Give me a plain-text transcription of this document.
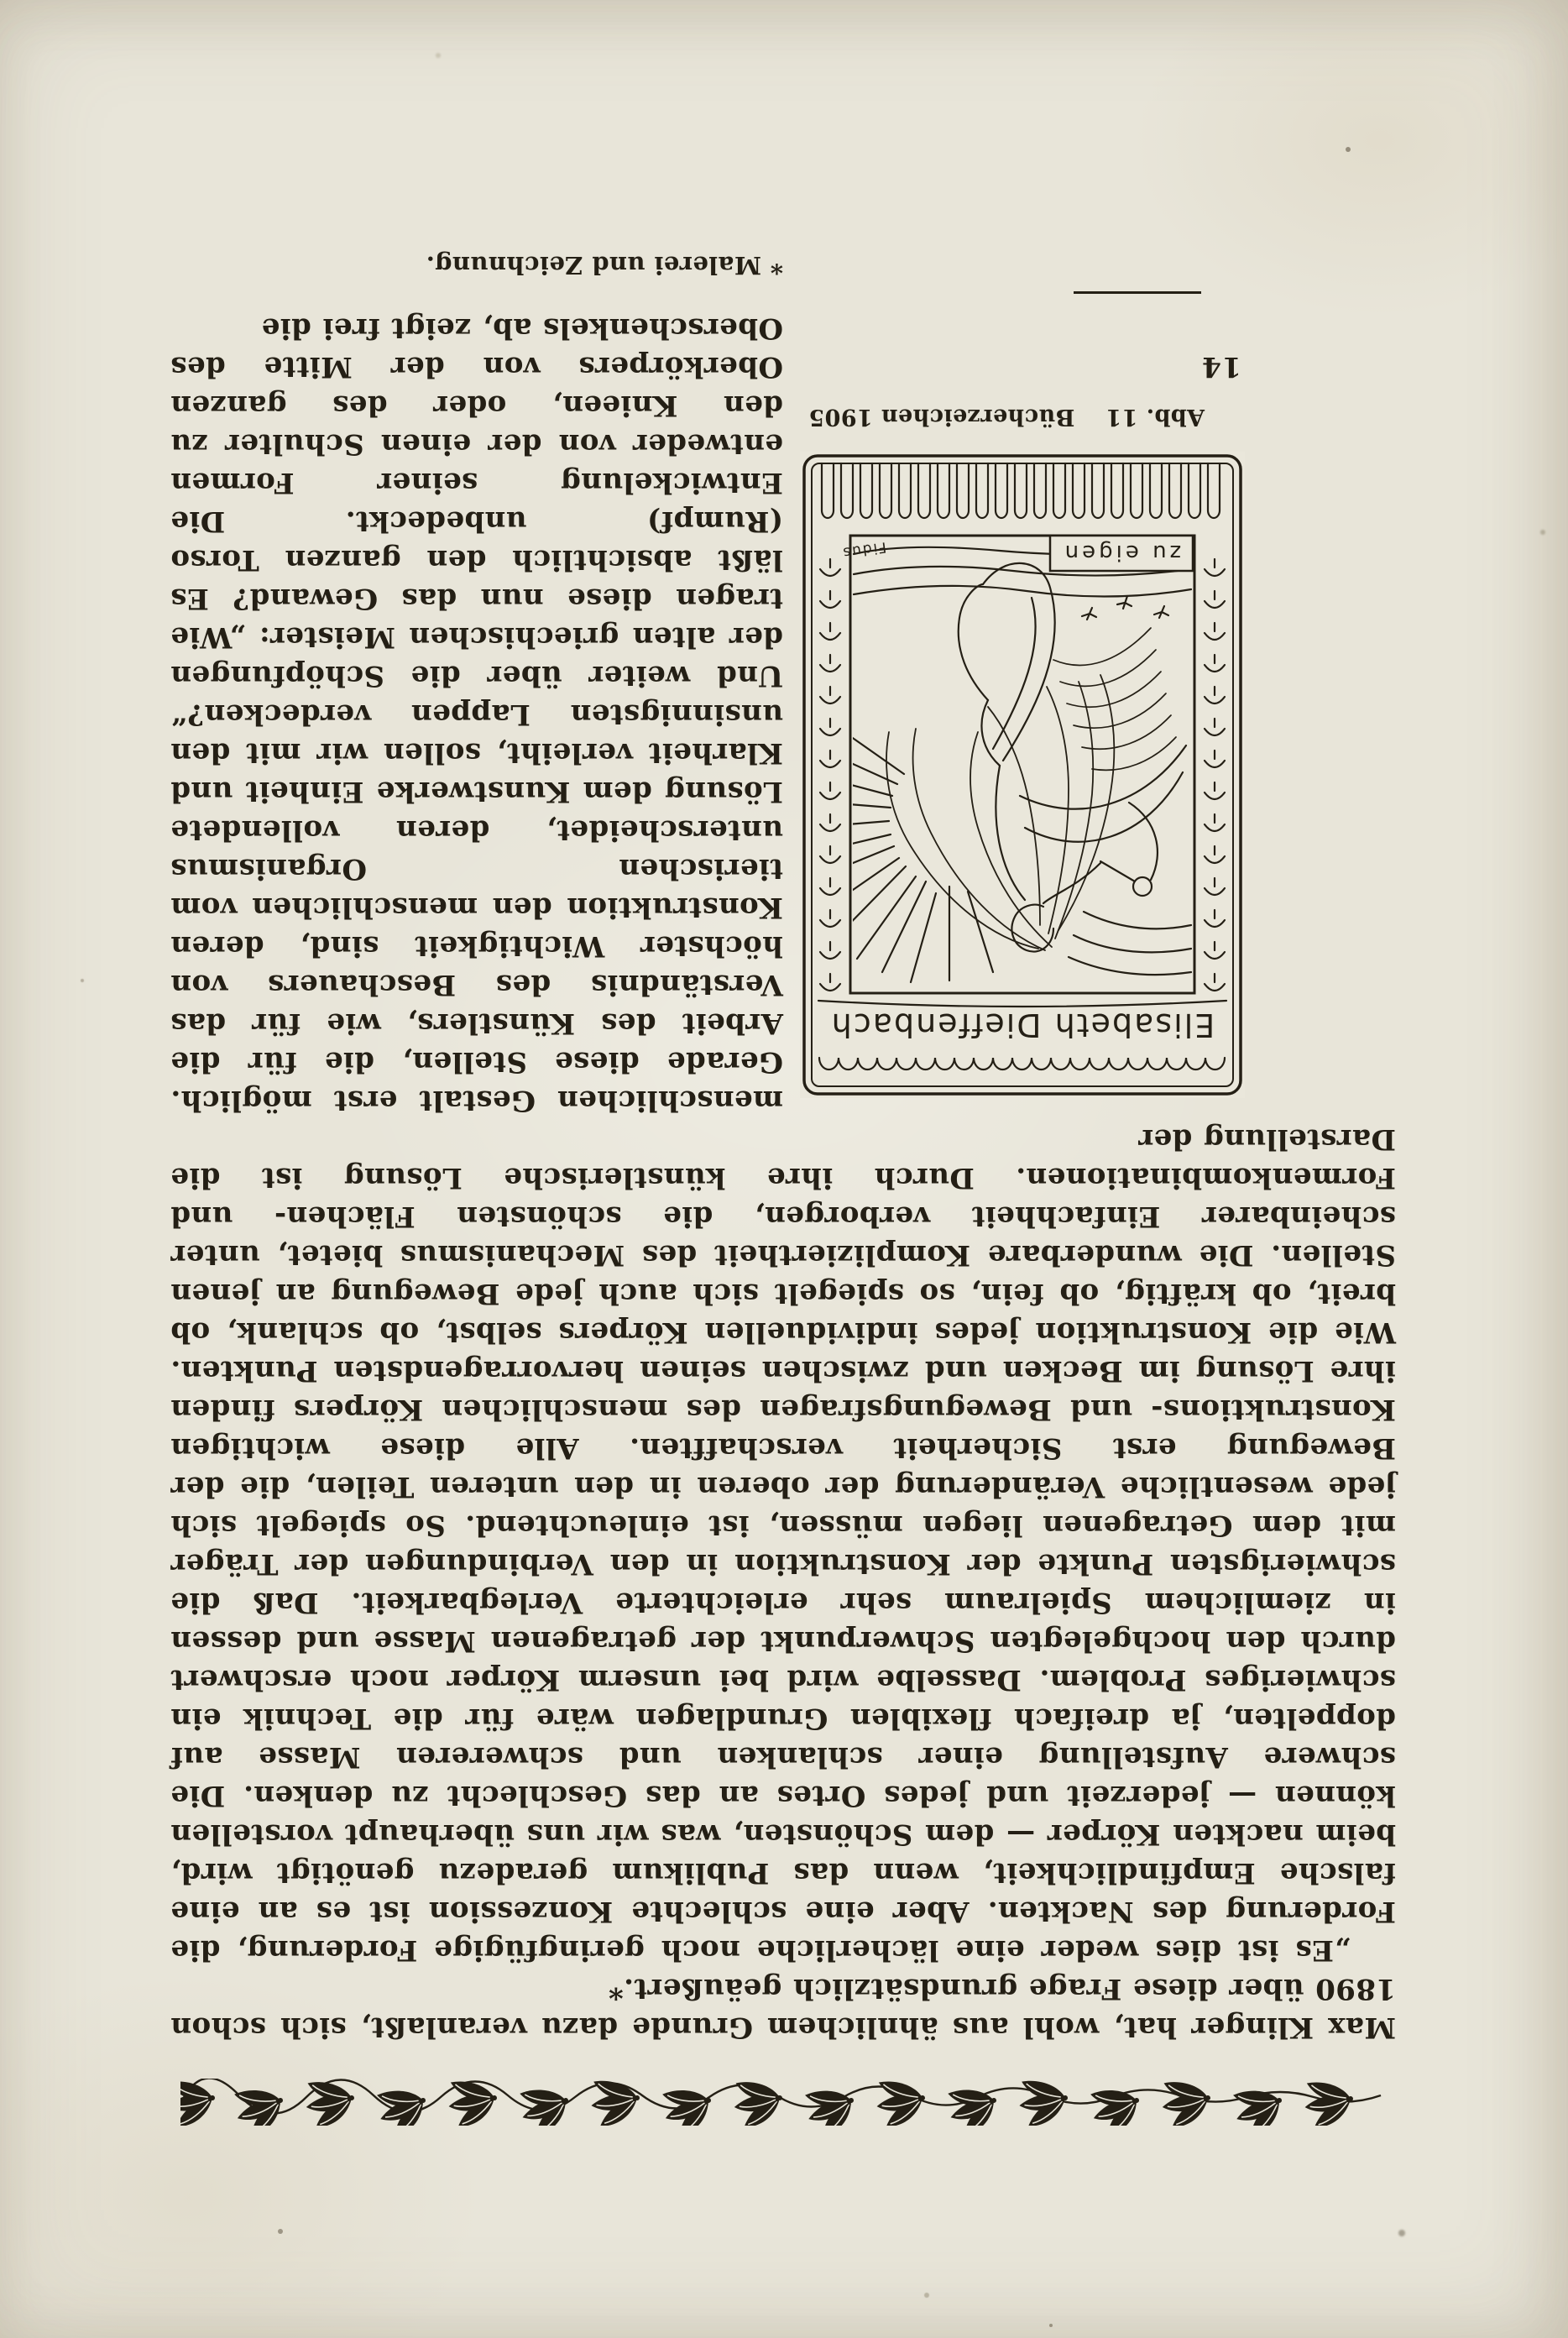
Max Klinger hat, wohl aus ähnlichem Grunde dazu veranlaßt, sich schon 1890 über diese Frage grundsätzlich geäußert.*

„Es ist dies weder eine lächerliche noch geringfügige Forderung, die Forderung des Nackten. Aber eine schlechte Konzession ist es an eine falsche Empfindlichkeit, wenn das Publikum geradezu genötigt wird, beim nackten Körper — dem Schönsten, was wir uns überhaupt vorstellen können — jederzeit und jedes Ortes an das Geschlecht zu denken. Die schwere Aufstellung einer schlanken und schwereren Masse auf doppelten, ja dreifach flexiblen Grundlagen wäre für die Technik ein schwieriges Problem. Dasselbe wird bei unserm Körper noch erschwert durch den hochgelegten Schwerpunkt der getragenen Masse und dessen in ziemlichem Spielraum sehr erleichterte Verlegbarkeit. Daß die schwierigsten Punkte der Konstruktion in den Verbindungen der Träger mit dem Getragenen liegen müssen, ist einleuchtend. So spiegelt sich jede wesentliche Veränderung der oberen in den unteren Teilen, die der Bewegung erst Sicherheit verschafften. Alle diese wichtigen Konstruktions- und Bewegungsfragen des menschlichen Körpers finden ihre Lösung im Becken und zwischen seinen hervorragendsten Punkten. Wie die Konstruktion jedes individuellen Körpers selbst, ob schlank, ob breit, ob kräftig, ob fein, so spiegelt sich auch jede Bewegung an jenen Stellen. Die wunderbare Kompliziertheit des Mechanismus bietet, unter scheinbarer Einfachheit verborgen, die schönsten Flächen- und Formenkombinationen. Durch ihre künstlerische Lösung ist die Darstellung der

Elisabeth Dieffenbach
zu eigen
Fidus
Abb. 11
Bücherzeichen 1905
14

menschlichen Gestalt erst möglich. Gerade diese Stellen, die für die Arbeit des Künstlers, wie für das Verständnis des Beschauers von höchster Wichtigkeit sind, deren Konstruktion den menschlichen vom tierischen Organismus unterscheidet, deren vollendete Lösung dem Kunstwerke Einheit und Klarheit verleiht, sollen wir mit den unsinnigsten Lappen verdecken?“ Und weiter über die Schöpfungen der alten griechischen Meister: „Wie tragen diese nun das Gewand? Es läßt absichtlich den ganzen Torso (Rumpf) unbedeckt. Die Entwickelung seiner Formen entweder von der einen Schulter zu den Knieen, oder des ganzen Oberkörpers von der Mitte des Oberschenkels ab, zeigt frei die

* Malerei und Zeichnung.
